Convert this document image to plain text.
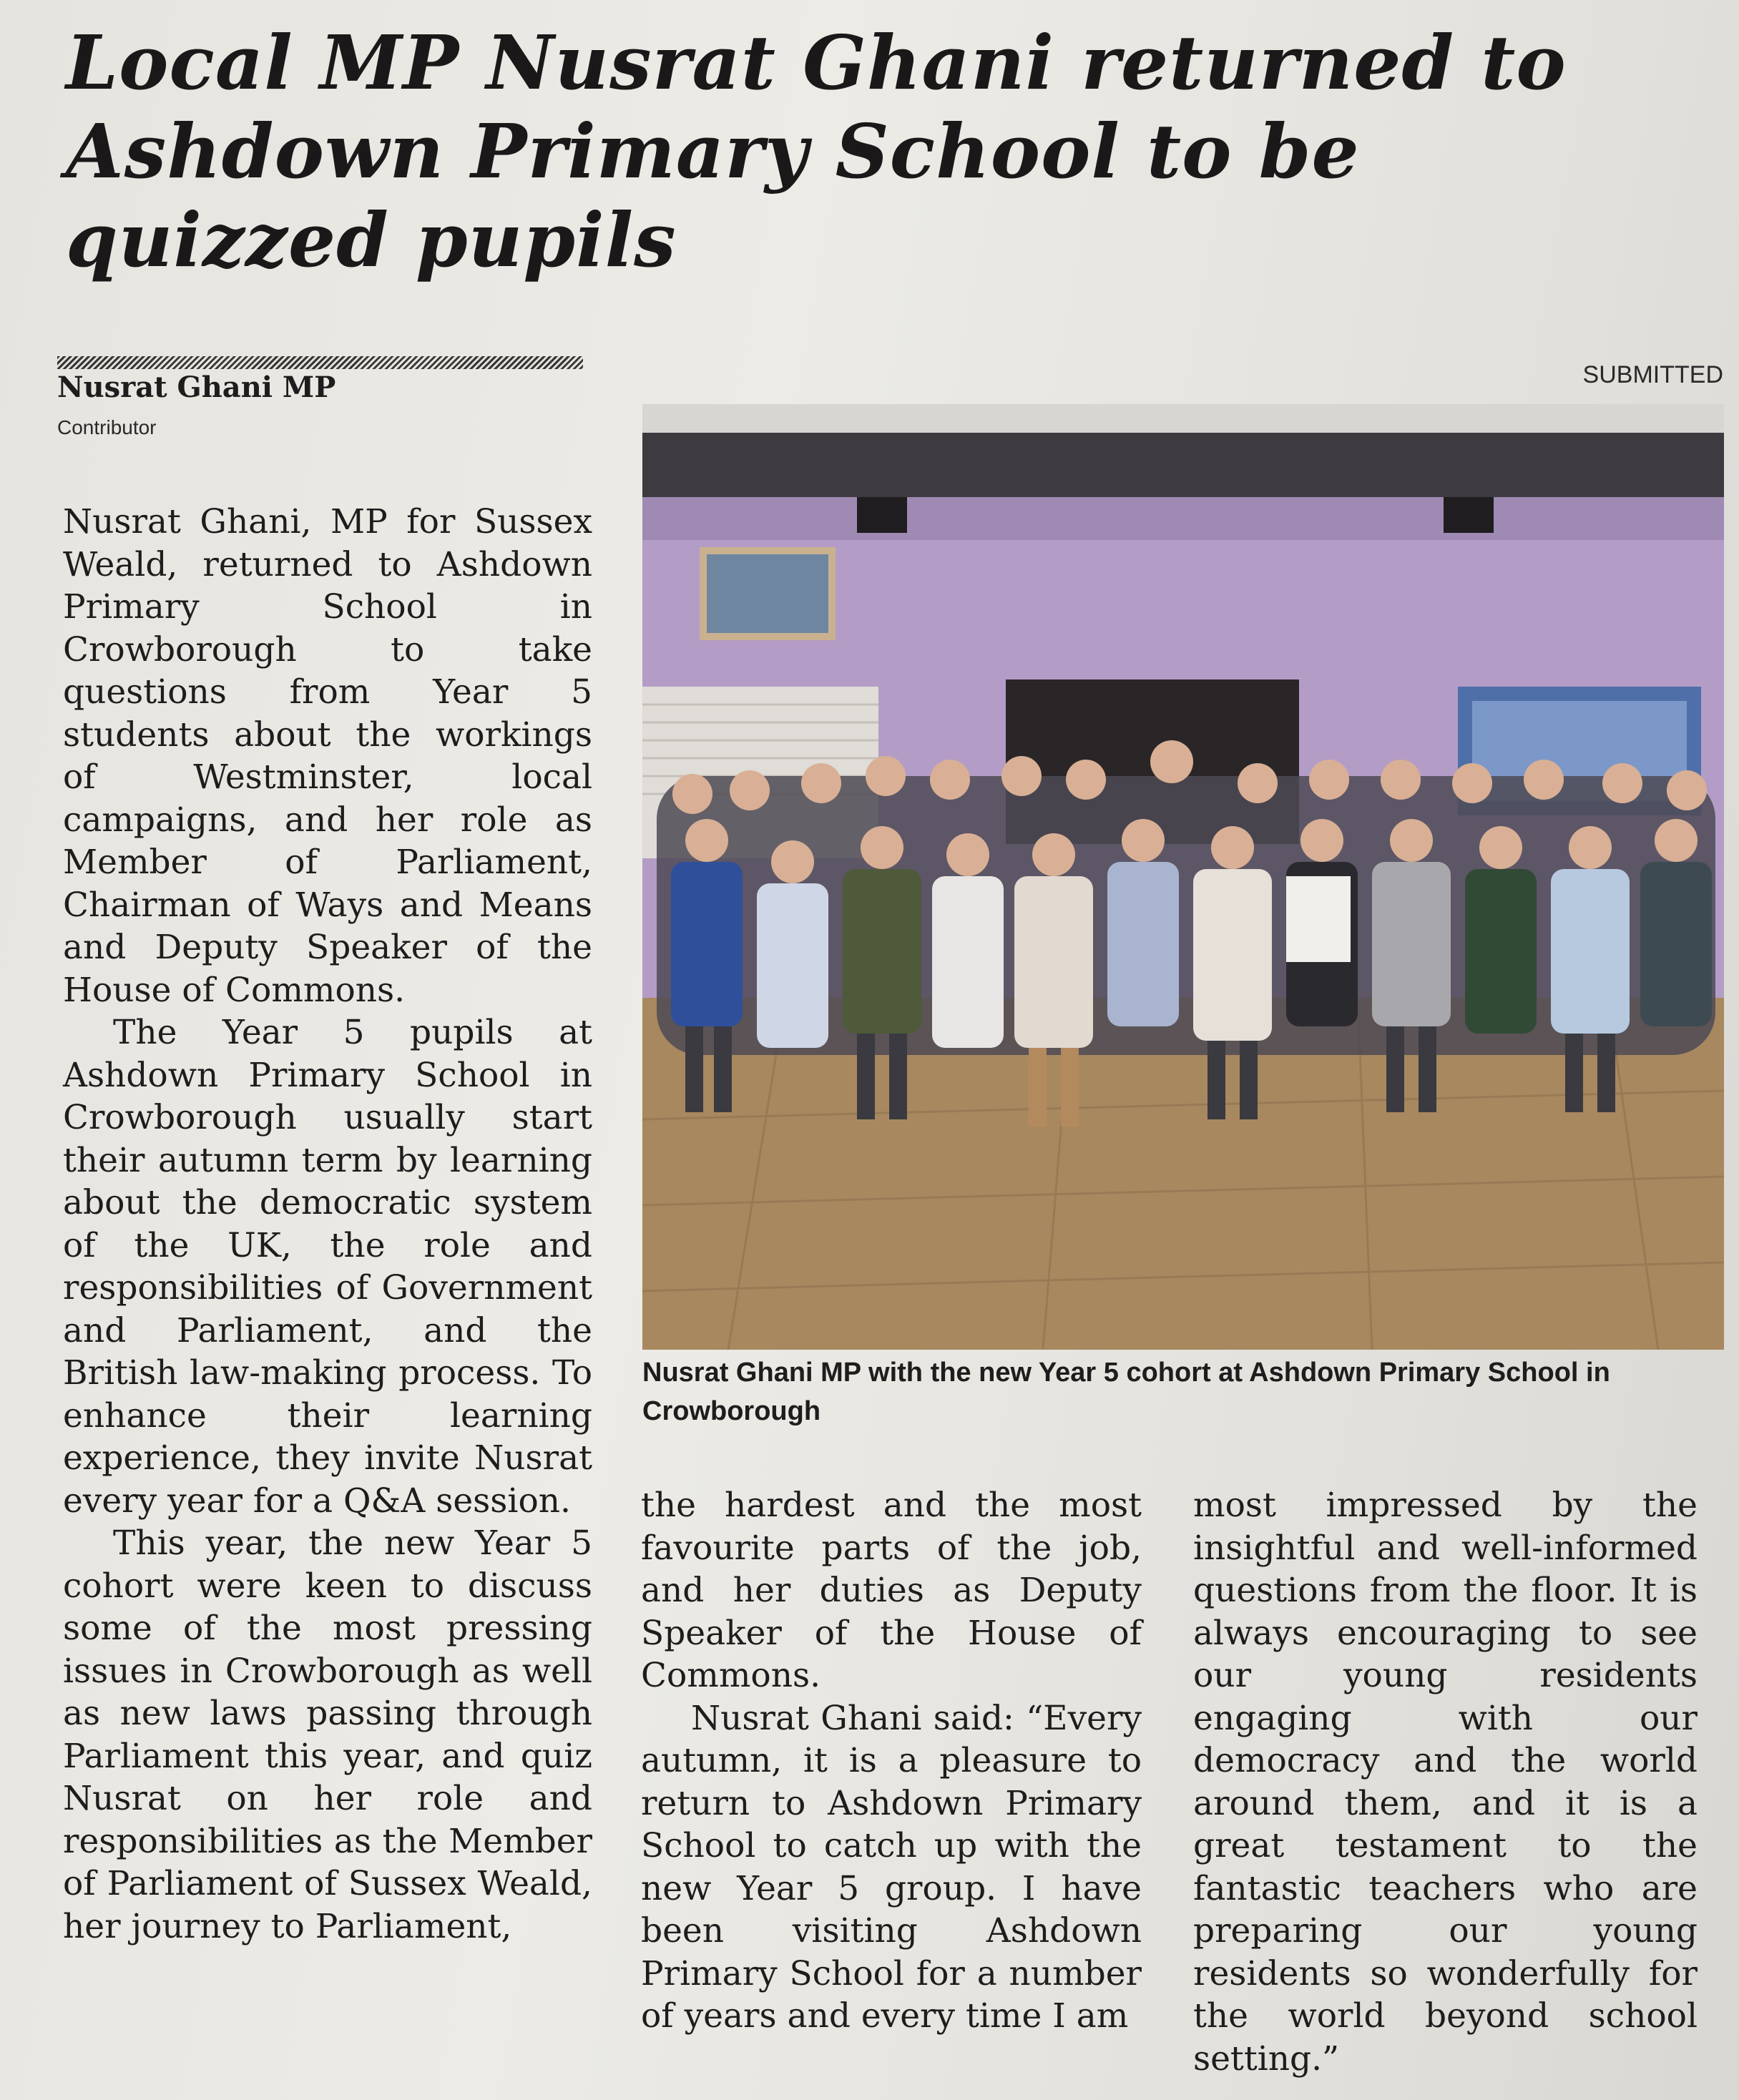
Local MP Nusrat Ghani returned to Ashdown Primary School to be quizzed pupils
Nusrat Ghani MP
Contributor

Nusrat Ghani, MP for Sussex Weald, returned to Ashdown Primary School in Crowborough to take questions from Year 5 students about the workings of Westminster, local campaigns, and her role as Member of Parliament, Chairman of Ways and Means and Deputy Speaker of the House of Commons.

The Year 5 pupils at Ashdown Primary School in Crowborough usually start their autumn term by learning about the democratic system of the UK, the role and responsibilities of Government and Parliament, and the British law-making process. To enhance their learning experience, they invite Nusrat every year for a Q&A session.

This year, the new Year 5 cohort were keen to discuss some of the most pressing issues in Crowborough as well as new laws passing through Parliament this year, and quiz Nusrat on her role and responsibilities as the Member of Parliament of Sussex Weald, her journey to Parliament,

SUBMITTED
Nusrat Ghani MP with the new Year 5 cohort at Ashdown Primary School in Crowborough

the hardest and the most favourite parts of the job, and her duties as Deputy Speaker of the House of Commons.

Nusrat Ghani said: “Every autumn, it is a pleasure to return to Ashdown Primary School to catch up with the new Year 5 group. I have been visiting Ashdown Primary School for a number of years and every time I am

most impressed by the insightful and well-informed questions from the floor. It is always encouraging to see our young residents engaging with our democracy and the world around them, and it is a great testament to the fantastic teachers who are preparing our young residents so wonderfully for the world beyond school setting.”
